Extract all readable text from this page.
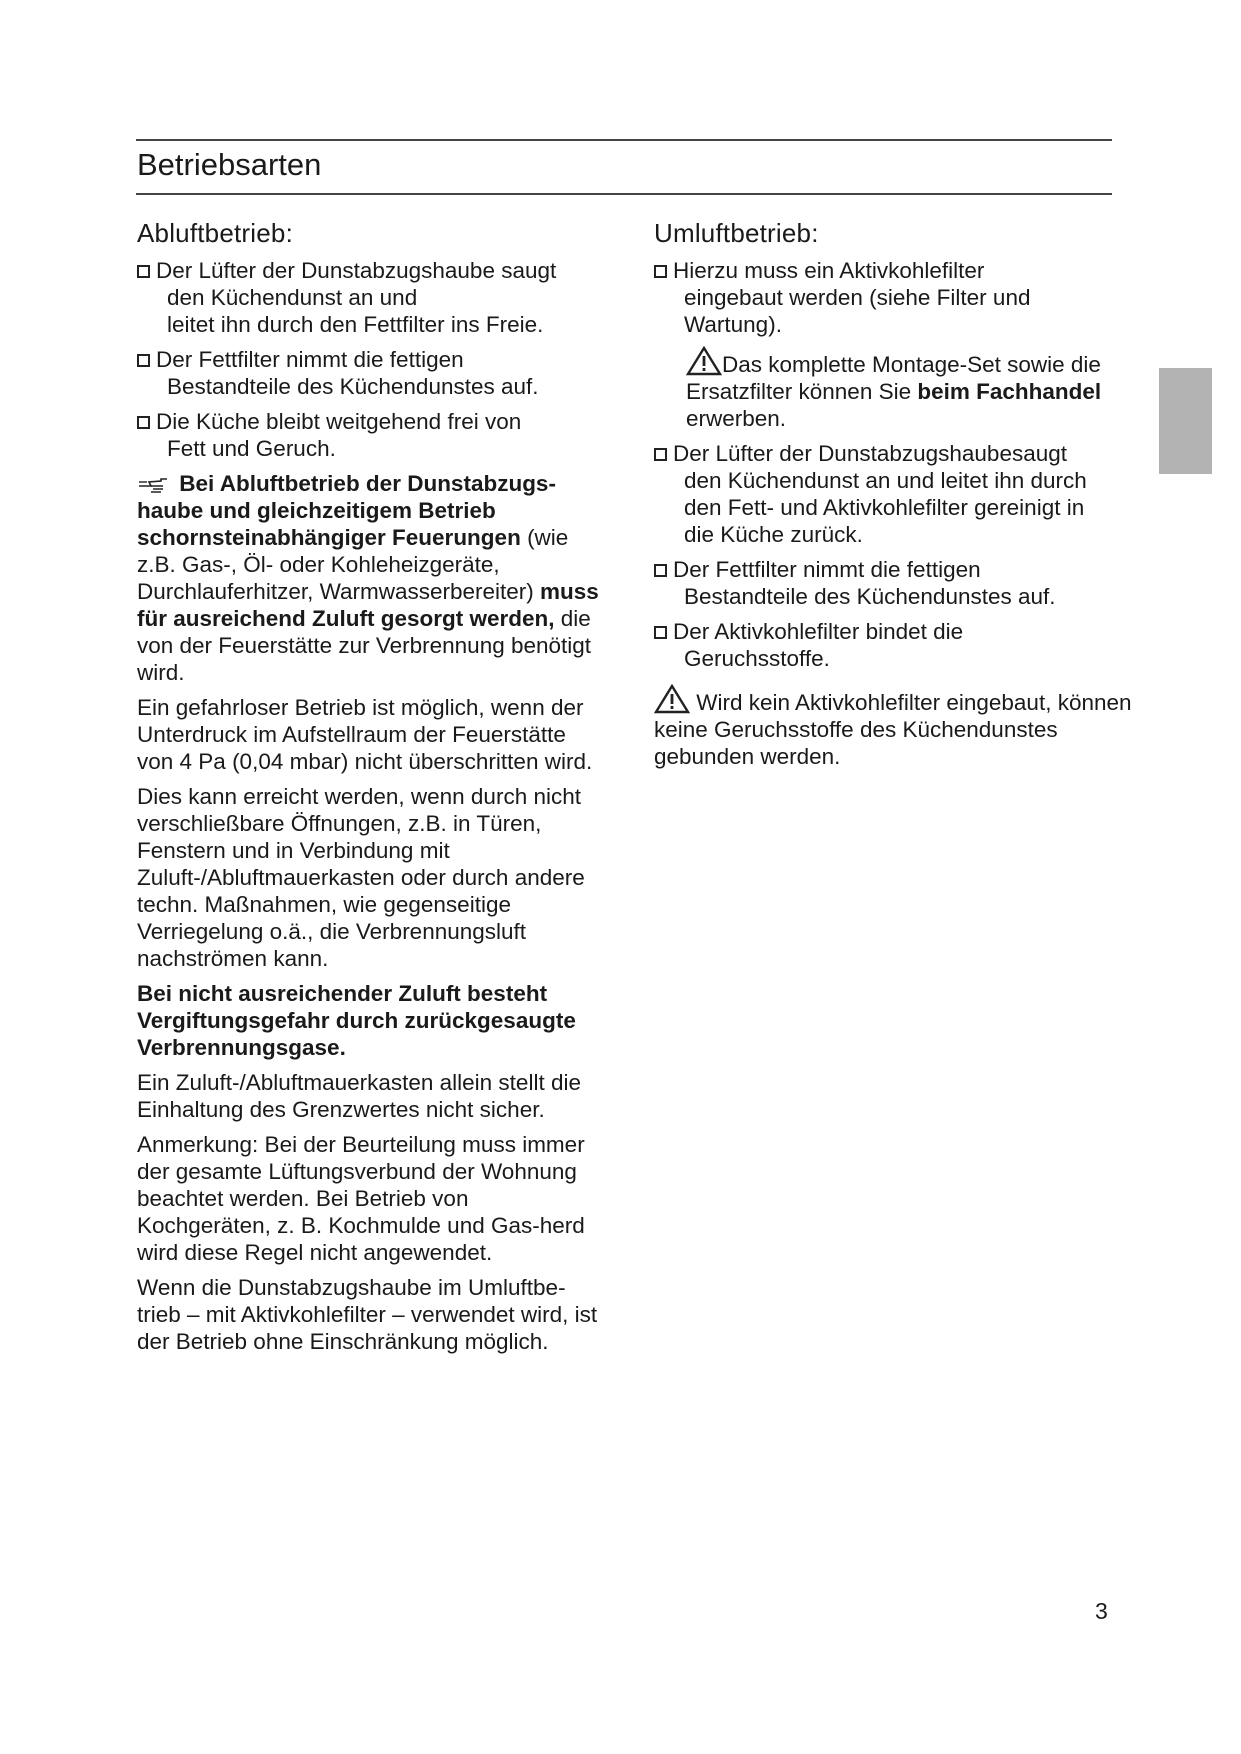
Betriebsarten
Abluftbetrieb:
Der Lüfter der Dunstabzugshaube saugt
den Küchendunst an und
leitet ihn durch den Fettfilter ins Freie.
Der Fettfilter nimmt die fettigen
Bestandteile des Küchendunstes auf.
Die Küche bleibt weitgehend frei von
Fett und Geruch.

Bei Abluftbetrieb der Dunstabzugs-haube und gleichzeitigem Betrieb schornsteinabhängiger Feuerungen (wie z.B. Gas-, Öl- oder Kohleheizgeräte, Durchlauferhitzer, Warmwasserbereiter) muss für ausreichend Zuluft gesorgt werden, die von der Feuerstätte zur Verbrennung benötigt wird.

Ein gefahrloser Betrieb ist möglich, wenn der Unterdruck im Aufstellraum der Feuerstätte von 4 Pa (0,04 mbar) nicht überschritten wird.

Dies kann erreicht werden, wenn durch nicht verschließbare Öffnungen, z.B. in Türen, Fenstern und in Verbindung mit Zuluft-/Abluftmauerkasten oder durch andere techn. Maßnahmen, wie gegenseitige Verriegelung o.ä., die Verbrennungsluft nachströmen kann.

Bei nicht ausreichender Zuluft besteht Vergiftungsgefahr durch zurückgesaugte Verbrennungsgase.

Ein Zuluft-/Abluftmauerkasten allein stellt die Einhaltung des Grenzwertes nicht sicher.

Anmerkung: Bei der Beurteilung muss immer der gesamte Lüftungsverbund der Wohnung beachtet werden. Bei Betrieb von Kochgeräten, z. B. Kochmulde und Gas-herd wird diese Regel nicht angewendet.

Wenn die Dunstabzugshaube im Umluftbe-trieb – mit Aktivkohlefilter – verwendet wird, ist der Betrieb ohne Einschränkung möglich.

Umluftbetrieb:
Hierzu muss ein Aktivkohlefilter
eingebaut werden (siehe Filter und
Wartung).
Das komplette Montage-Set sowie die Ersatzfilter können Sie beim Fachhandel erwerben.
Der Lüfter der Dunstabzugshaubesaugt
den Küchendunst an und leitet ihn durch
den Fett- und Aktivkohlefilter gereinigt in
die Küche zurück.
Der Fettfilter nimmt die fettigen
Bestandteile des Küchendunstes auf.
Der Aktivkohlefilter bindet die
Geruchsstoffe.

Wird kein Aktivkohlefilter eingebaut, können keine Geruchsstoffe des Küchendunstes gebunden werden.

3
